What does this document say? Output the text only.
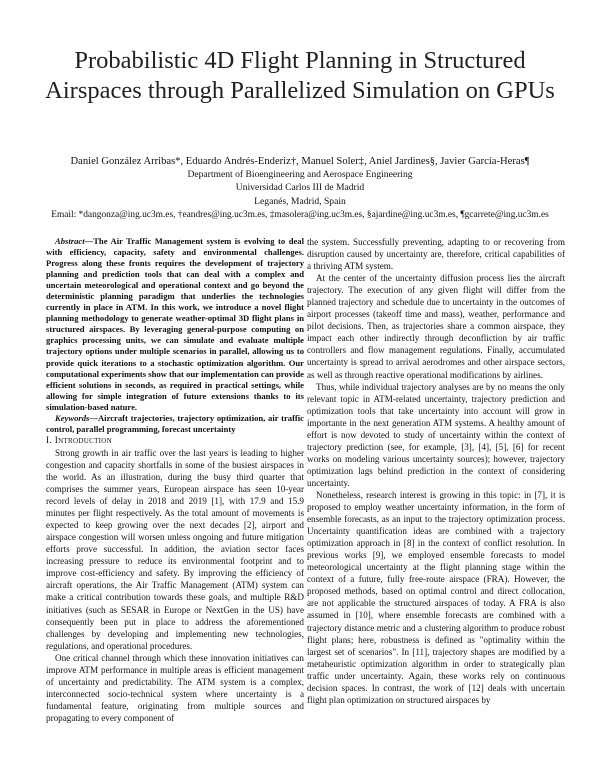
Probabilistic 4D Flight Planning in Structured Airspaces through Parallelized Simulation on GPUs
Daniel González Arribas*, Eduardo Andrés-Enderiz†, Manuel Soler‡, Aniel Jardines§, Javier García-Heras¶
Department of Bioengineering and Aerospace Engineering
Universidad Carlos III de Madrid
Leganés, Madrid, Spain
Email: *dangonza@ing.uc3m.es, †eandres@ing.uc3m.es, ‡masolera@ing.uc3m.es, §ajardine@ing.uc3m.es, ¶gcarrete@ing.uc3m.es

Abstract—The Air Traffic Management system is evolving to deal with efficiency, capacity, safety and environmental challenges. Progress along these fronts requires the development of trajectory planning and prediction tools that can deal with a complex and uncertain meteorological and operational context and go beyond the deterministic planning paradigm that underlies the technologies currently in place in ATM. In this work, we introduce a novel flight planning methodology to generate weather-optimal 3D flight plans in structured airspaces. By leveraging general-purpose computing on graphics processing units, we can simulate and evaluate multiple trajectory options under multiple scenarios in parallel, allowing us to provide quick iterations to a stochastic optimization algorithm. Our computational experiments show that our implementation can provide efficient solutions in seconds, as required in practical settings, while allowing for simple integration of future extensions thanks to its simulation-based nature.

Keywords—Aircraft trajectories, trajectory optimization, air traffic control, parallel programming, forecast uncertainty

I. Introduction

Strong growth in air traffic over the last years is leading to higher congestion and capacity shortfalls in some of the busiest airspaces in the world. As an illustration, during the busy third quarter that comprises the summer years, European airspace has seen 10-year record levels of delay in 2018 and 2019 [1], with 17.9 and 15.9 minutes per flight respectively. As the total amount of movements is expected to keep growing over the next decades [2], airport and airspace congestion will worsen unless ongoing and future mitigation efforts prove successful. In addition, the aviation sector faces increasing pressure to reduce its environmental footprint and to improve cost-efficiency and safety. By improving the efficiency of aircraft operations, the Air Traffic Management (ATM) system can make a critical contribution towards these goals, and multiple R&D initiatives (such as SESAR in Europe or NextGen in the US) have consequently been put in place to address the aforementioned challenges by developing and implementing new technologies, regulations, and operational procedures.

One critical channel through which these innovation initiatives can improve ATM performance in multiple areas is efficient management of uncertainty and predictability. The ATM system is a complex, interconnected socio-technical system where uncertainty is a fundamental feature, originating from multiple sources and propagating to every component of

the system. Successfully preventing, adapting to or recovering from disruption caused by uncertainty are, therefore, critical capabilities of a thriving ATM system.

At the center of the uncertainty diffusion process lies the aircraft trajectory. The execution of any given flight will differ from the planned trajectory and schedule due to uncertainty in the outcomes of airport processes (takeoff time and mass), weather, performance and pilot decisions. Then, as trajectories share a common airspace, they impact each other indirectly through deconfliction by air traffic controllers and flow management regulations. Finally, accumulated uncertainty is spread to arrival aerodromes and other airspace sectors, as well as through reactive operational modifications by airlines.

Thus, while individual trajectory analyses are by no means the only relevant topic in ATM-related uncertainty, trajectory prediction and optimization tools that take uncertainty into account will grow in importante in the next generation ATM systems. A healthy amount of effort is now devoted to study of uncertainty within the context of trajectory prediction (see, for example, [3], [4], [5], [6] for recent works on modeling various uncertainty sources); however, trajectory optimization lags behind prediction in the context of considering uncertainty.

Nonetheless, research interest is growing in this topic: in [7], it is proposed to employ weather uncertainty information, in the form of ensemble forecasts, as an input to the trajectory optimization process. Uncertainty quantification ideas are combined with a trajectory optimization approach in [8] in the context of conflict resolution. In previous works [9], we employed ensemble forecasts to model meteorological uncertainty at the flight planning stage within the context of a future, fully free-route airspace (FRA). However, the proposed methods, based on optimal control and direct collocation, are not applicable the structured airspaces of today. A FRA is also assumed in [10], where ensemble forecasts are combined with a trajectory distance metric and a clustering algorithm to produce robust flight plans; here, robustness is defined as "optimality within the largest set of scenarios". In [11], trajectory shapes are modified by a metaheuristic optimization algorithm in order to strategically plan traffic under uncertainty. Again, these works rely on continuous decision spaces. In contrast, the work of [12] deals with uncertain flight plan optimization on structured airspaces by
